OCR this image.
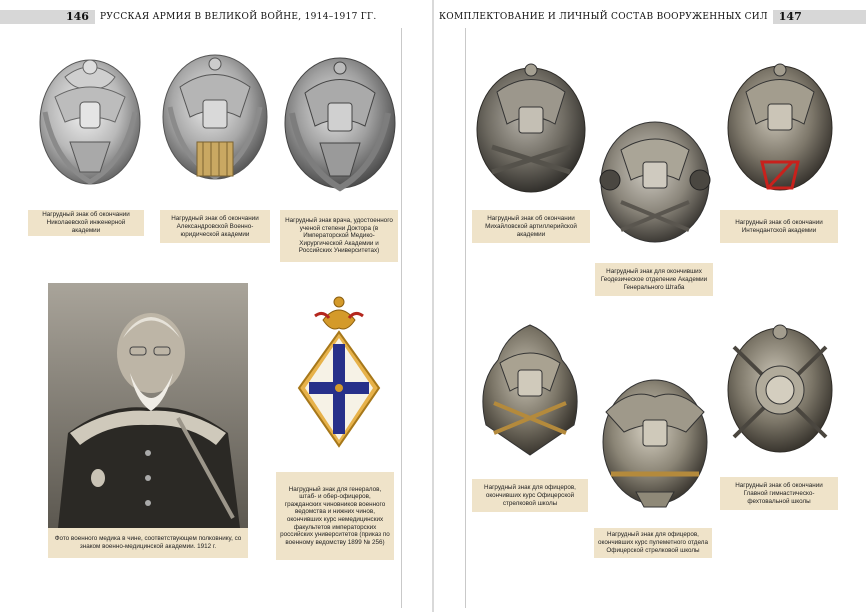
146	РУССКАЯ АРМИЯ В ВЕЛИКОЙ ВОЙНЕ, 1914–1917 ГГ.
Нагрудный знак об окончании Николаевской инженерной академии
Нагрудный знак об окончании Александровской Военно-юридической академии
Нагрудный знак врача, удостоенного ученой степени Доктора (в Императорской Медико-Хирургической Академии и Российских Университетах)
Фото военного медика в чине, соответствующем полковнику, со знаком военно-медицинской академии. 1912 г.
Нагрудный знак для генералов, штаб- и обер-офицеров, гражданских чиновников военного ведомства и нижних чинов, окончивших курс немедицинских факультетов императорских российских университетов (приказ по военному ведомству 1899 № 256)
КОМПЛЕКТОВАНИЕ И ЛИЧНЫЙ СОСТАВ ВООРУЖЕННЫХ СИЛ	147
Нагрудный знак об окончании Михайловской артиллерийской академии
Нагрудный знак для окончивших Геодезическое отделение Академии Генерального Штаба
Нагрудный знак об окончании Интендантской академии
Нагрудный знак для офицеров, окончивших курс Офицерской стрелковой школы
Нагрудный знак для офицеров, окончивших курс пулеметного отдела Офицерской стрелковой школы
Нагрудный знак об окончании Главной гимнастическо-фехтовальной школы
